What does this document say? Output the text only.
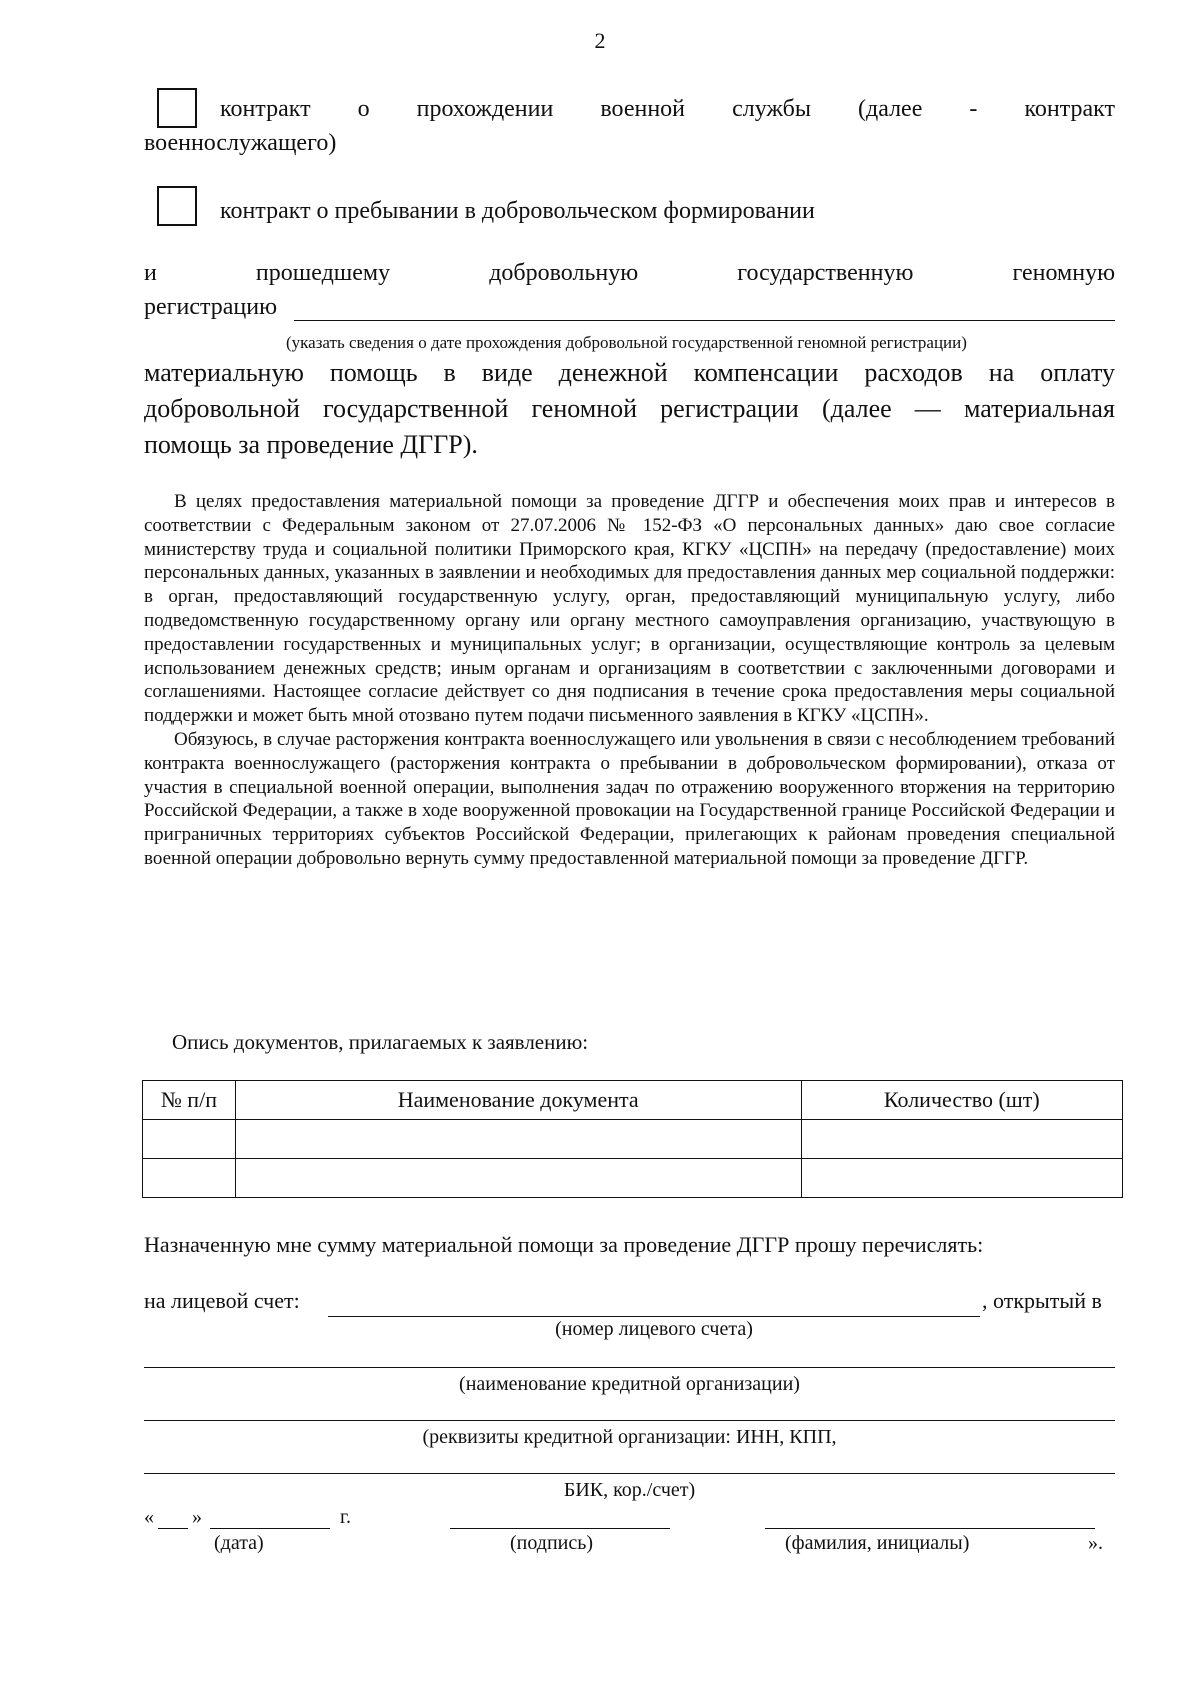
2
контракт о прохождении военной службы (далее - контракт
военнослужащего)
контракт о пребывании в добровольческом формировании
и	прошедшему	добровольную	государственную	геномную
регистрацию
(указать сведения о дате прохождения добровольной государственной геномной регистрации)
материальную помощь в виде денежной компенсации расходов на оплату
добровольной государственной геномной регистрации (далее — материальная
помощь за проведение ДГГР).

В целях предоставления материальной помощи за проведение ДГГР и обеспечения моих прав и интересов в соответствии с Федеральным законом от 27.07.2006 № 152-ФЗ «О персональных данных» даю свое согласие министерству труда и социальной политики Приморского края, КГКУ «ЦСПН» на передачу (предоставление) моих персональных данных, указанных в заявлении и необходимых для предоставления данных мер социальной поддержки: в орган, предоставляющий государственную услугу, орган, предоставляющий муниципальную услугу, либо подведомственную государственному органу или органу местного самоуправления организацию, участвующую в предоставлении государственных и муниципальных услуг; в организации, осуществляющие контроль за целевым использованием денежных средств; иным органам и организациям в соответствии с заключенными договорами и соглашениями. Настоящее согласие действует со дня подписания в течение срока предоставления меры социальной поддержки и может быть мной отозвано путем подачи письменного заявления в КГКУ «ЦСПН».

Обязуюсь, в случае расторжения контракта военнослужащего или увольнения в связи с несоблюдением требований контракта военнослужащего (расторжения контракта о пребывании в добровольческом формировании), отказа от участия в специальной военной операции, выполнения задач по отражению вооруженного вторжения на территорию Российской Федерации, а также в ходе вооруженной провокации на Государственной границе Российской Федерации и приграничных территориях субъектов Российской Федерации, прилегающих к районам проведения специальной военной операции добровольно вернуть сумму предоставленной материальной помощи за проведение ДГГР.

Опись документов, прилагаемых к заявлению:
№ п/п	Наименование документа	Количество (шт)

Назначенную мне сумму материальной помощи за проведение ДГГР прошу перечислять:
на лицевой счет:	, открытый в
(номер лицевого счета)
(наименование кредитной организации)
(реквизиты кредитной организации: ИНН, КПП,
БИК, кор./счет)
« »	г.
(дата)	(подпись)	(фамилия, инициалы)	».
